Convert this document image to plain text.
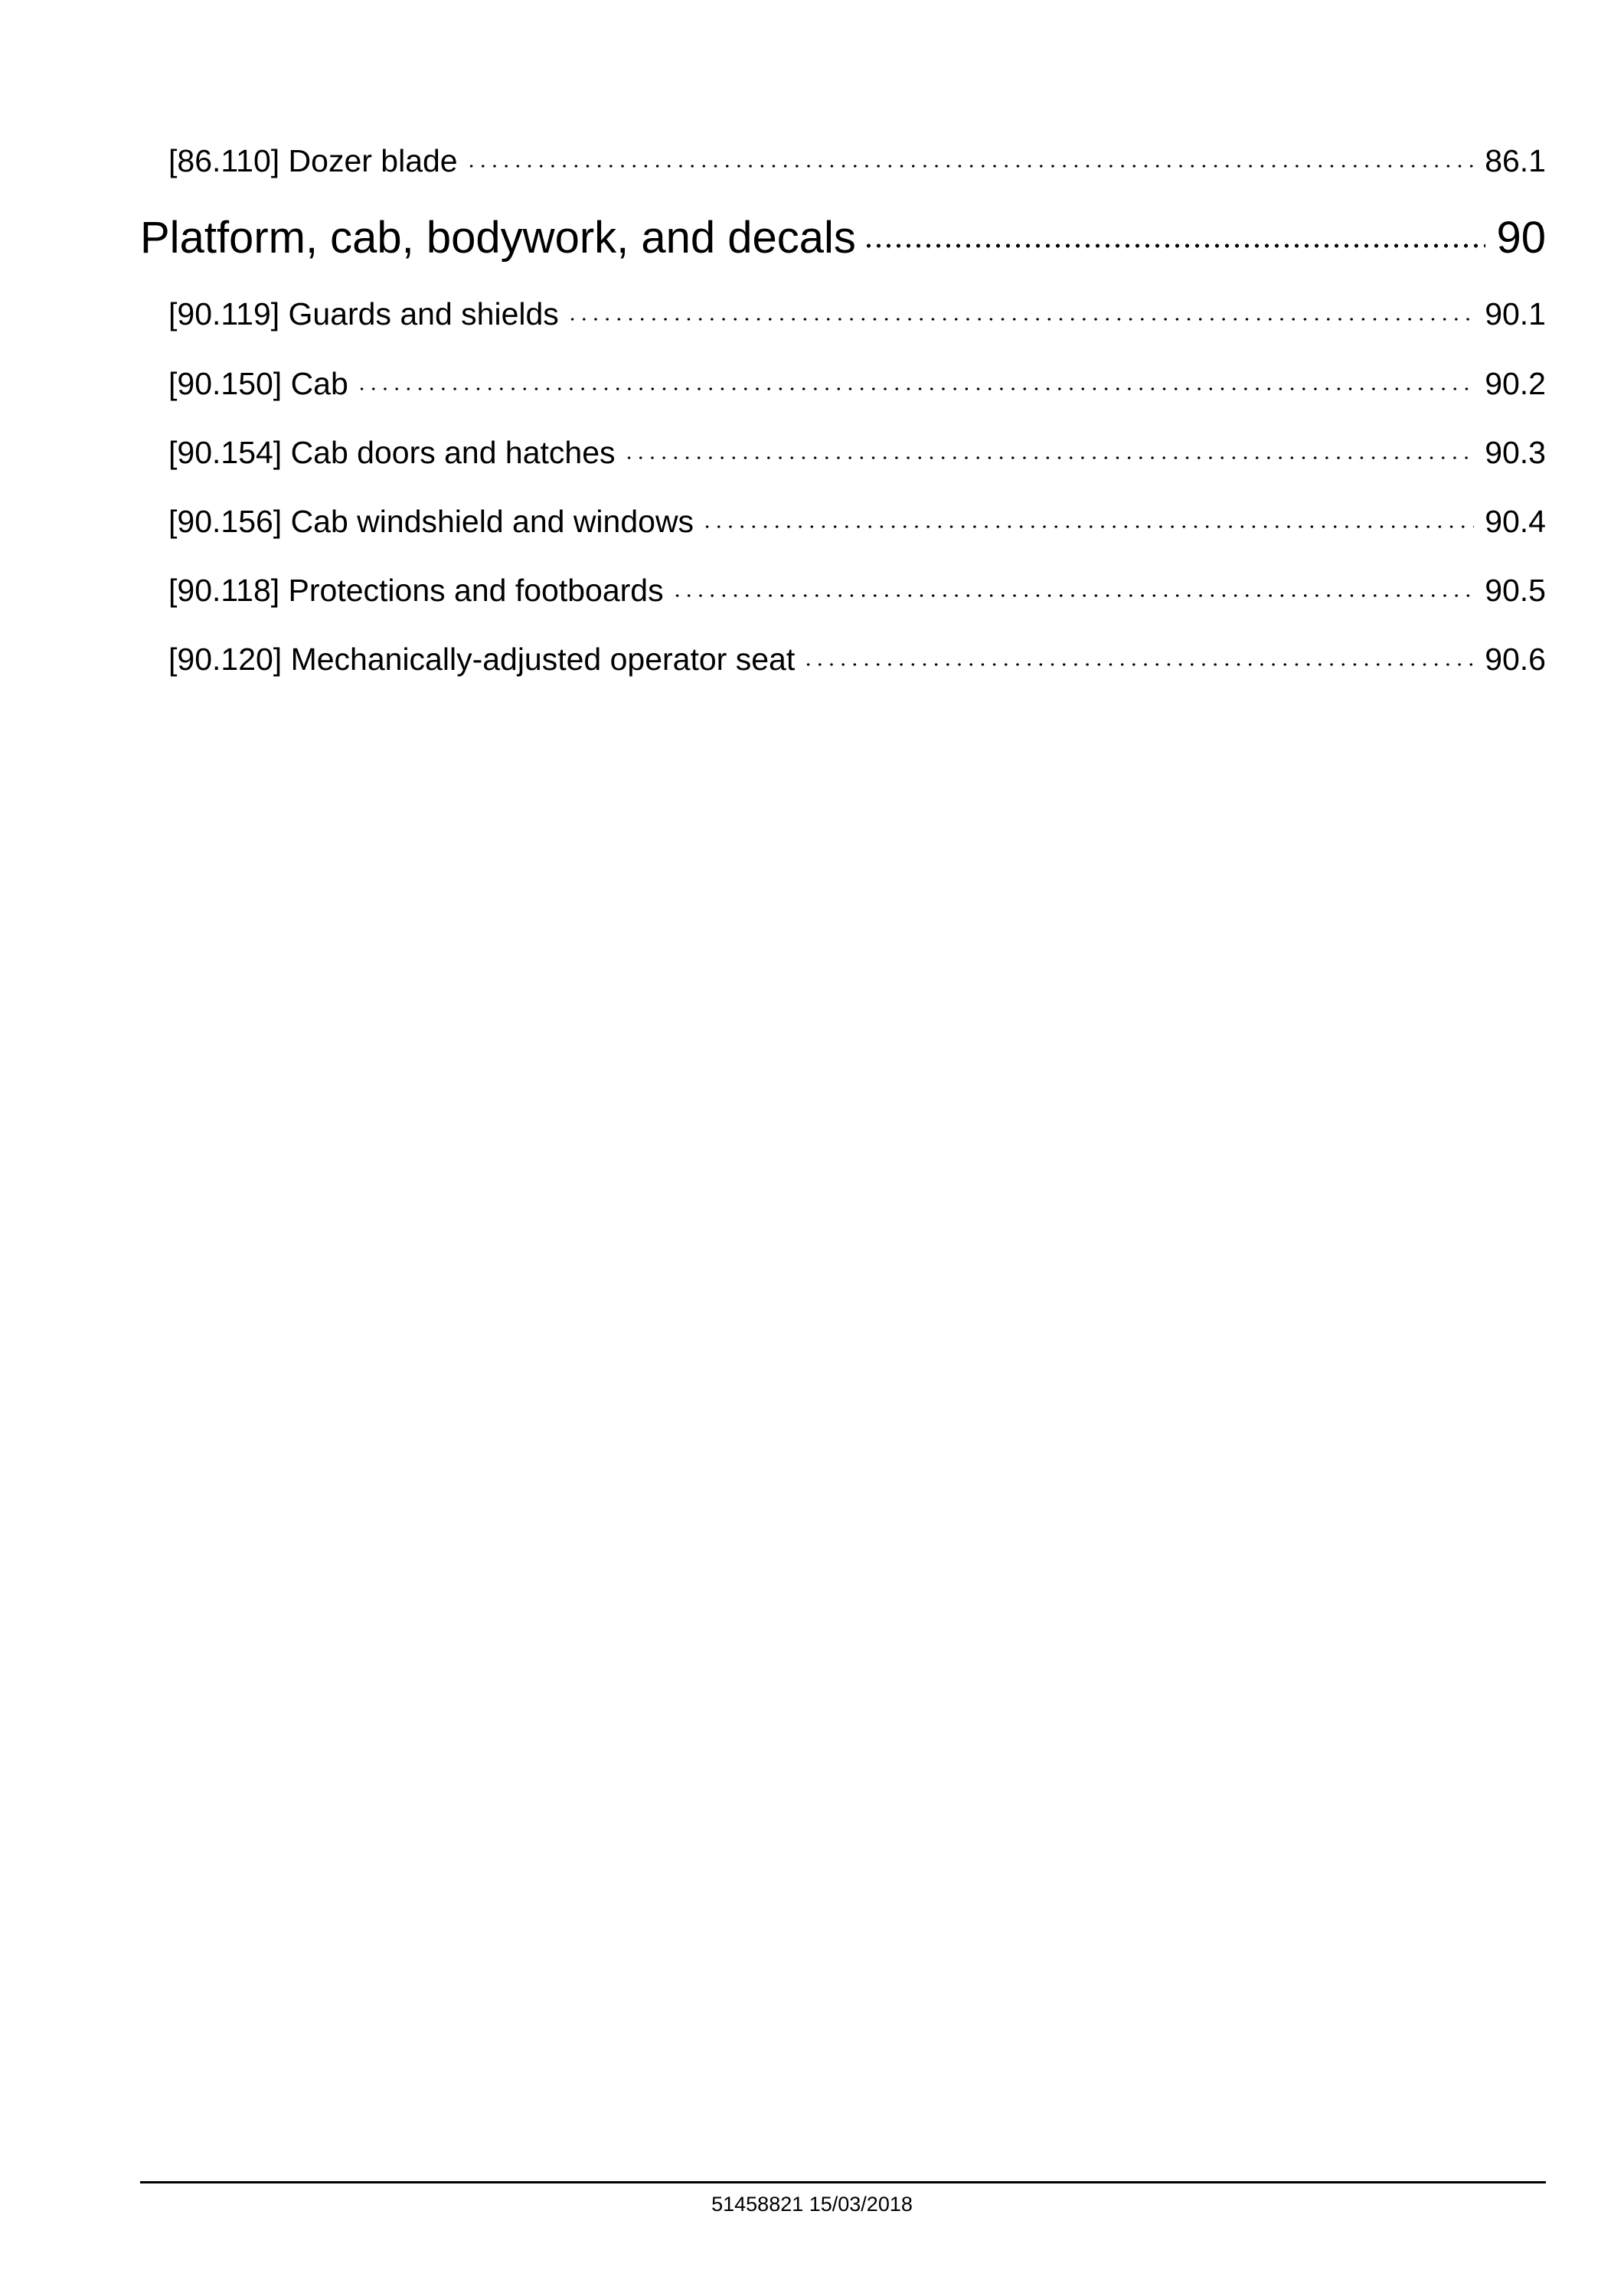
[86.110] Dozer blade	86.1
Platform, cab, bodywork, and decals	90
[90.119] Guards and shields	90.1
[90.150] Cab	90.2
[90.154] Cab doors and hatches	90.3
[90.156] Cab windshield and windows	90.4
[90.118] Protections and footboards	90.5
[90.120] Mechanically-adjusted operator seat	90.6
51458821 15/03/2018
